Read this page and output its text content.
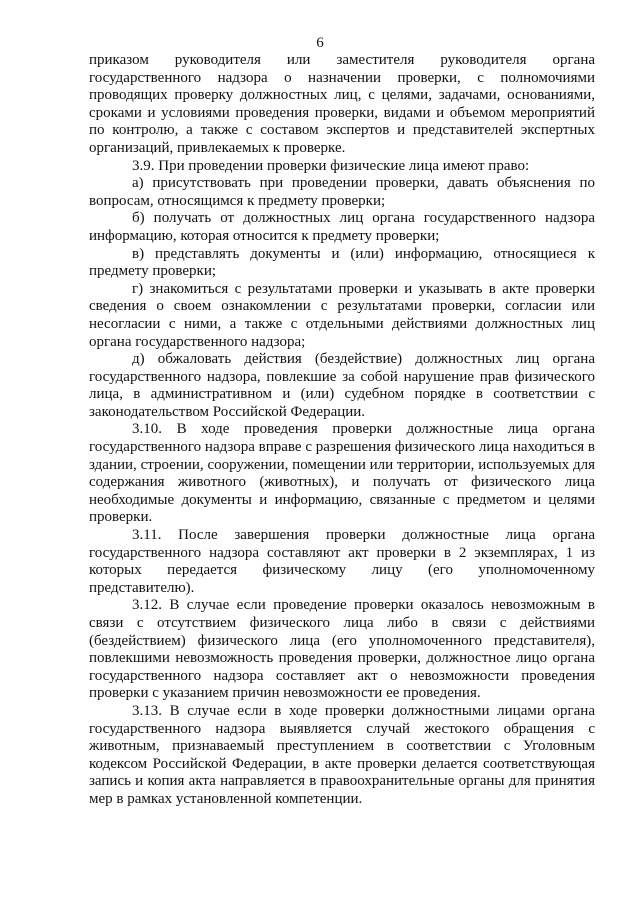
6

приказом руководителя или заместителя руководителя органа государственного надзора о назначении проверки, с полномочиями проводящих проверку должностных лиц, с целями, задачами, основаниями, сроками и условиями проведения проверки, видами и объемом мероприятий по контролю, а также с составом экспертов и представителей экспертных организаций, привлекаемых к проверке.

3.9. При проведении проверки физические лица имеют право:

а) присутствовать при проведении проверки, давать объяснения по вопросам, относящимся к предмету проверки;

б) получать от должностных лиц органа государственного надзора информацию, которая относится к предмету проверки;

в) представлять документы и (или) информацию, относящиеся к предмету проверки;

г) знакомиться с результатами проверки и указывать в акте проверки сведения о своем ознакомлении с результатами проверки, согласии или несогласии с ними, а также с отдельными действиями должностных лиц органа государственного надзора;

д) обжаловать действия (бездействие) должностных лиц органа государственного надзора, повлекшие за собой нарушение прав физического лица, в административном и (или) судебном порядке в соответствии с законодательством Российской Федерации.

3.10. В ходе проведения проверки должностные лица органа государственного надзора вправе с разрешения физического лица находиться в здании, строении, сооружении, помещении или территории, используемых для содержания животного (животных), и получать от физического лица необходимые документы и информацию, связанные с предметом и целями проверки.

3.11. После завершения проверки должностные лица органа государственного надзора составляют акт проверки в 2 экземплярах, 1 из которых передается физическому лицу (его уполномоченному представителю).

3.12. В случае если проведение проверки оказалось невозможным в связи с отсутствием физического лица либо в связи с действиями (бездействием) физического лица (его уполномоченного представителя), повлекшими невозможность проведения проверки, должностное лицо органа государственного надзора составляет акт о невозможности проведения проверки с указанием причин невозможности ее проведения.

3.13. В случае если в ходе проверки должностными лицами органа государственного надзора выявляется случай жестокого обращения с животным, признаваемый преступлением в соответствии с Уголовным кодексом Российской Федерации, в акте проверки делается соответствующая запись и копия акта направляется в правоохранительные органы для принятия мер в рамках установленной компетенции.
